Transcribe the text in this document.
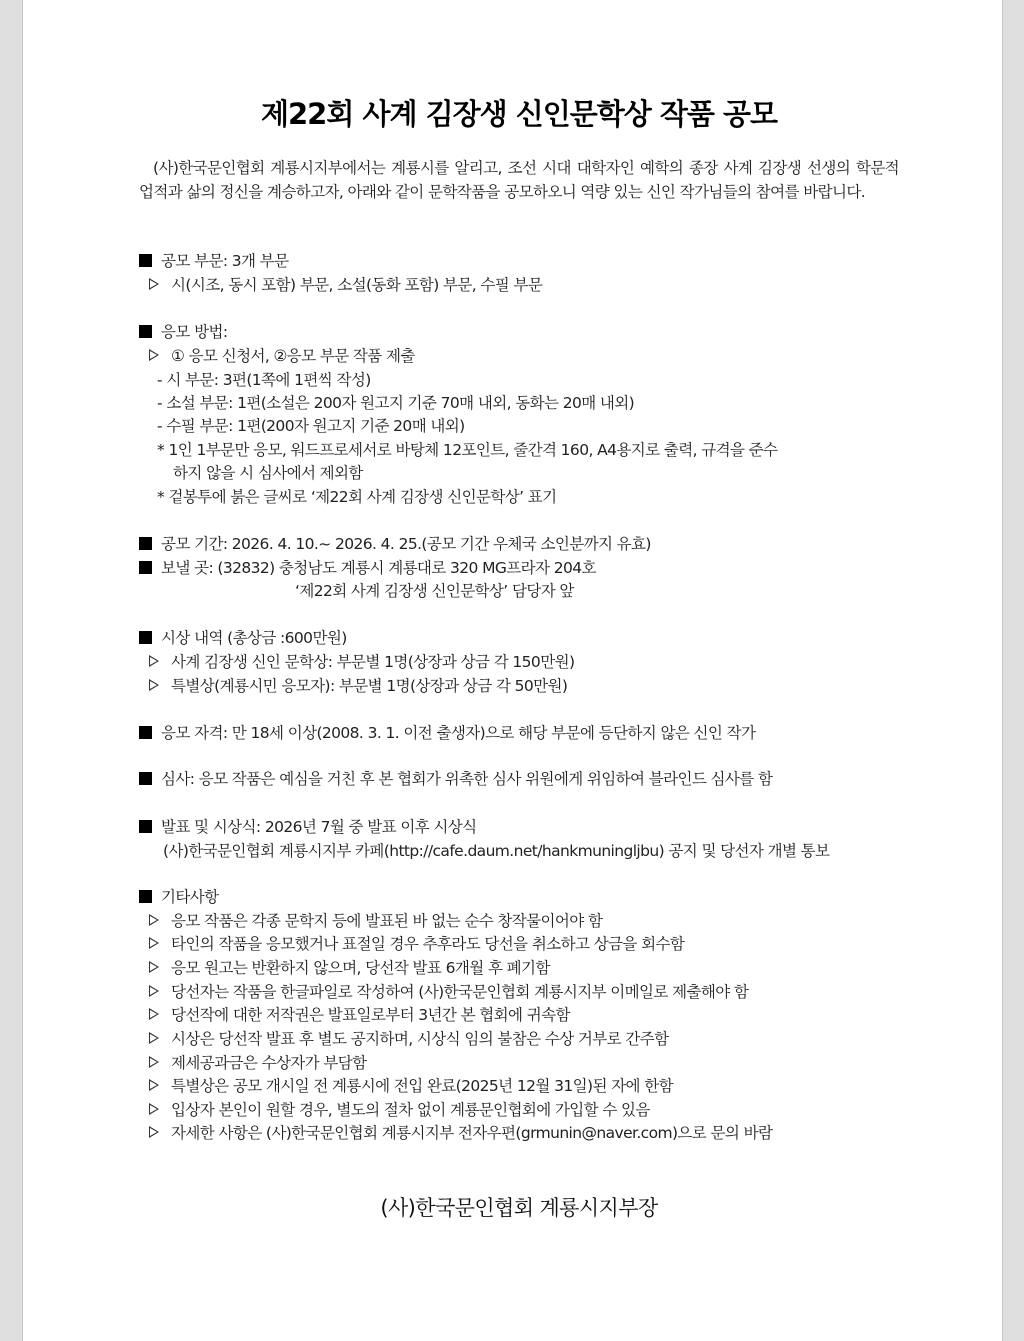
제22회 사계 김장생 신인문학상 작품 공모
(사)한국문인협회 계룡시지부에서는 계룡시를 알리고, 조선 시대 대학자인 예학의 종장 사계 김장생 선생의 학문적 업적과 삶의 정신을 계승하고자, 아래와 같이 문학작품을 공모하오니 역량 있는 신인 작가님들의 참여를 바랍니다.
공모 부문: 3개 부문
시(시조, 동시 포함) 부문, 소설(동화 포함) 부문, 수필 부문
응모 방법:
① 응모 신청서, ②응모 부문 작품 제출
- 시 부문: 3편(1쪽에 1편씩 작성)
- 소설 부문: 1편(소설은 200자 원고지 기준 70매 내외, 동화는 20매 내외)
- 수필 부문: 1편(200자 원고지 기준 20매 내외)
* 1인 1부문만 응모, 워드프로세서로 바탕체 12포인트, 줄간격 160, A4용지로 출력, 규격을 준수
하지 않을 시 심사에서 제외함
* 겉봉투에 붉은 글씨로 ‘제22회 사계 김장생 신인문학상’ 표기
공모 기간: 2026. 4. 10.~ 2026. 4. 25.(공모 기간 우체국 소인분까지 유효)
보낼 곳: (32832) 충청남도 계룡시 계룡대로 320 MG프라자 204호
‘제22회 사계 김장생 신인문학상’ 담당자 앞
시상 내역 (총상금 :600만원)
사계 김장생 신인 문학상: 부문별 1명(상장과 상금 각 150만원)
특별상(계룡시민 응모자): 부문별 1명(상장과 상금 각 50만원)
응모 자격: 만 18세 이상(2008. 3. 1. 이전 출생자)으로 해당 부문에 등단하지 않은 신인 작가
심사: 응모 작품은 예심을 거친 후 본 협회가 위촉한 심사 위원에게 위임하여 블라인드 심사를 함
발표 및 시상식: 2026년 7월 중 발표 이후 시상식
(사)한국문인협회 계룡시지부 카페(http://cafe.daum.net/hankmuningljbu) 공지 및 당선자 개별 통보
기타사항
응모 작품은 각종 문학지 등에 발표된 바 없는 순수 창작물이어야 함
타인의 작품을 응모했거나 표절일 경우 추후라도 당선을 취소하고 상금을 회수함
응모 원고는 반환하지 않으며, 당선작 발표 6개월 후 폐기함
당선자는 작품을 한글파일로 작성하여 (사)한국문인협회 계룡시지부 이메일로 제출해야 함
당선작에 대한 저작권은 발표일로부터 3년간 본 협회에 귀속함
시상은 당선작 발표 후 별도 공지하며, 시상식 임의 불참은 수상 거부로 간주함
제세공과금은 수상자가 부담함
특별상은 공모 개시일 전 계룡시에 전입 완료(2025년 12월 31일)된 자에 한함
입상자 본인이 원할 경우, 별도의 절차 없이 계룡문인협회에 가입할 수 있음
자세한 사항은 (사)한국문인협회 계룡시지부 전자우편(grmunin@naver.com)으로 문의 바람
(사)한국문인협회 계룡시지부장
